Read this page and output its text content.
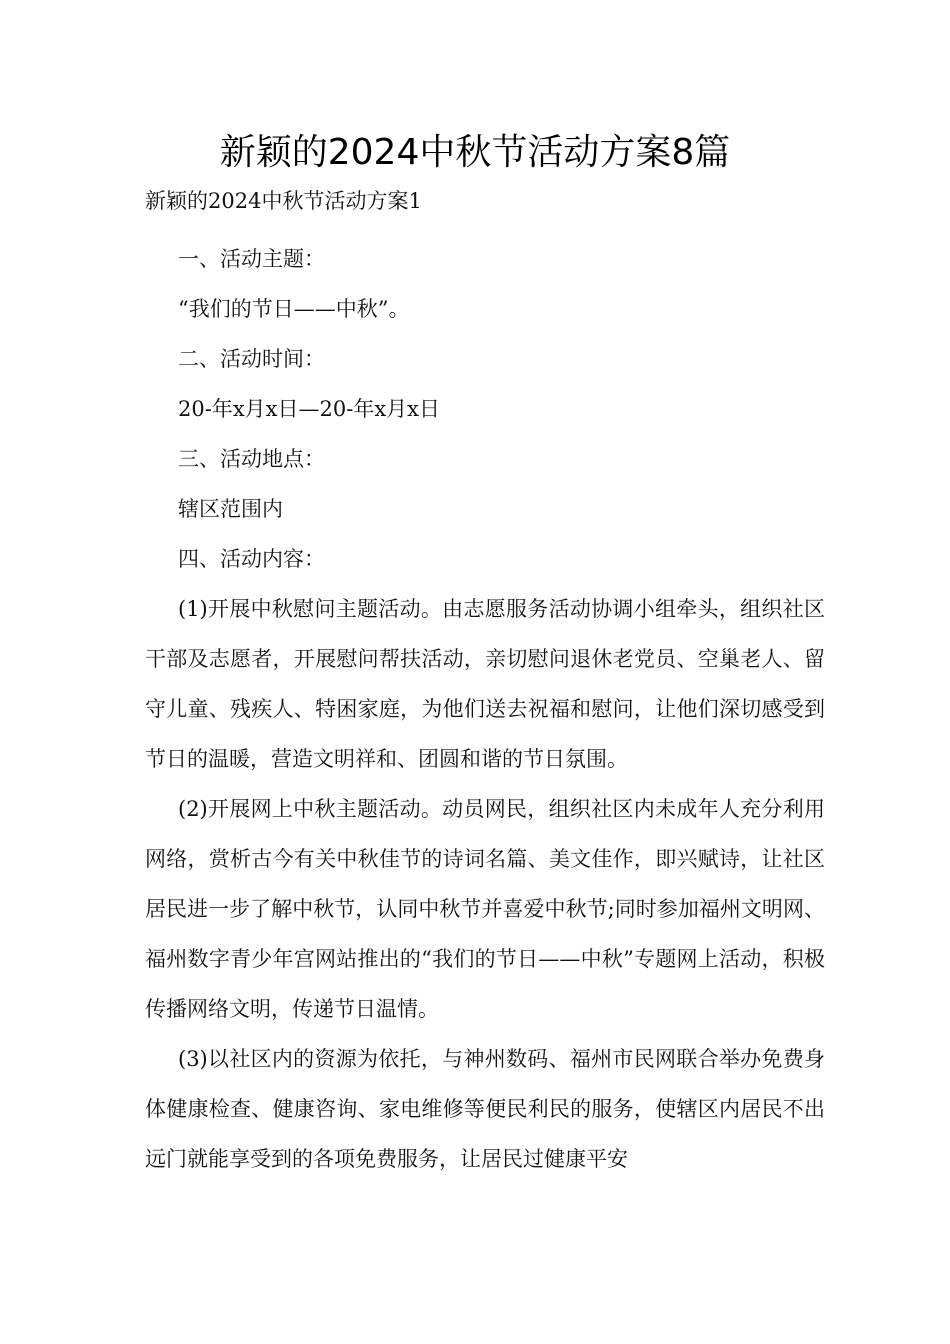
新颖的2024中秋节活动方案8篇

新颖的2024中秋节活动方案1

一、活动主题：

“我们的节日——中秋”。

二、活动时间：

20-年x月x日—20-年x月x日

三、活动地点：

辖区范围内

四、活动内容：

(1)开展中秋慰问主题活动。由志愿服务活动协调小组牵头，组织社区干部及志愿者，开展慰问帮扶活动，亲切慰问退休老党员、空巢老人、留守儿童、残疾人、特困家庭，为他们送去祝福和慰问，让他们深切感受到节日的温暖，营造文明祥和、团圆和谐的节日氛围。

(2)开展网上中秋主题活动。动员网民，组织社区内未成年人充分利用网络，赏析古今有关中秋佳节的诗词名篇、美文佳作，即兴赋诗，让社区居民进一步了解中秋节，认同中秋节并喜爱中秋节;同时参加福州文明网、福州数字青少年宫网站推出的“我们的节日——中秋”专题网上活动，积极传播网络文明，传递节日温情。

(3)以社区内的资源为依托，与神州数码、福州市民网联合举办免费身体健康检查、健康咨询、家电维修等便民利民的服务，使辖区内居民不出远门就能享受到的各项免费服务，让居民过健康平安
